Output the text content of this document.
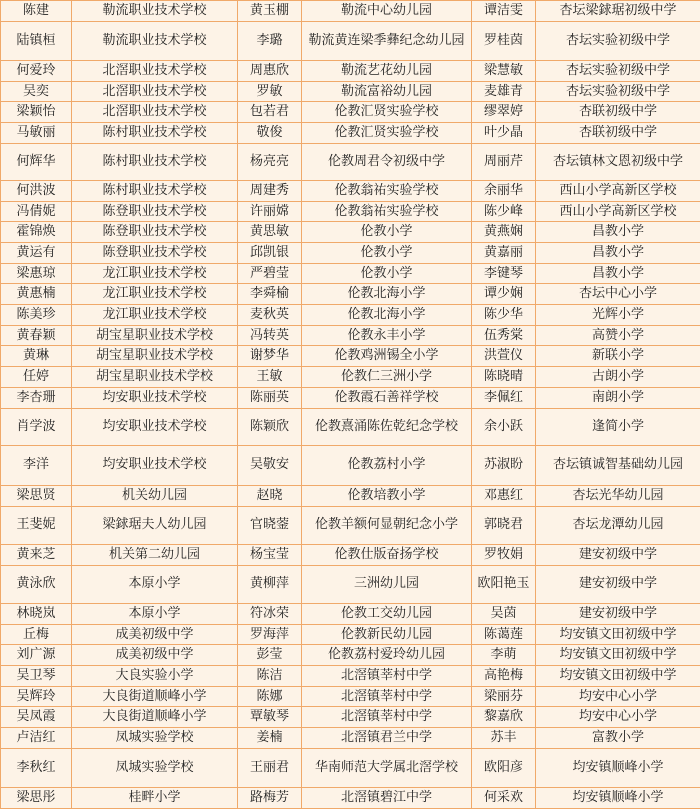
陈建	勒流职业技术学校	黄玉棚	勒流中心幼儿园	谭洁雯	杏坛梁銶琚初级中学
陆镇桓	勒流职业技术学校	李璐	勒流黄连梁季彝纪念幼儿园	罗桂茵	杏坛实验初级中学
何爱玲	北滘职业技术学校	周惠欣	勒流艺花幼儿园	梁慧敏	杏坛实验初级中学
吴奕	北滘职业技术学校	罗敏	勒流富裕幼儿园	麦雄青	杏坛实验初级中学
梁颖怡	北滘职业技术学校	包若君	伦教汇贤实验学校	缪翠婷	杏联初级中学
马敏丽	陈村职业技术学校	敬俊	伦教汇贤实验学校	叶少晶	杏联初级中学
何辉华	陈村职业技术学校	杨亮亮	伦教周君令初级中学	周丽芹	杏坛镇林文恩初级中学
何洪波	陈村职业技术学校	周建秀	伦教翁祐实验学校	余丽华	西山小学高新区学校
冯倩妮	陈登职业技术学校	许丽嫦	伦教翁祐实验学校	陈少峰	西山小学高新区学校
霍锦焕	陈登职业技术学校	黄思敏	伦教小学	黄燕娴	昌教小学
黄运有	陈登职业技术学校	邱凯银	伦教小学	黄嘉丽	昌教小学
梁惠琼	龙江职业技术学校	严碧莹	伦教小学	李键琴	昌教小学
黄惠楠	龙江职业技术学校	李舜榆	伦教北海小学	谭少娴	杏坛中心小学
陈美珍	龙江职业技术学校	麦秋英	伦教北海小学	陈少华	光辉小学
黄春颖	胡宝星职业技术学校	冯转英	伦教永丰小学	伍秀棠	高赞小学
黄琳	胡宝星职业技术学校	谢梦华	伦教鸡洲锡全小学	洪萱仪	新联小学
任婷	胡宝星职业技术学校	王敏	伦教仁三洲小学	陈晓晴	古朗小学
李杏珊	均安职业技术学校	陈丽英	伦教霞石善祥学校	李佩红	南朗小学
肖学波	均安职业技术学校	陈颖欣	伦教熹涌陈佐乾纪念学校	余小跃	逢简小学
李洋	均安职业技术学校	吴敬安	伦教荔村小学	苏淑盼	杏坛镇诚智基础幼儿园
梁思贤	机关幼儿园	赵晓	伦教培教小学	邓惠红	杏坛光华幼儿园
王斐妮	梁銶琚夫人幼儿园	官晓蓥	伦教羊额何显朝纪念小学	郭晓君	杏坛龙潭幼儿园
黄来芝	机关第二幼儿园	杨宝莹	伦教仕版奋扬学校	罗牧娟	建安初级中学
黄泳欣	本原小学	黄柳萍	三洲幼儿园	欧阳艳玉	建安初级中学
林晓岚	本原小学	符冰荣	伦教工交幼儿园	吴茵	建安初级中学
丘梅	成美初级中学	罗海萍	伦教新民幼儿园	陈蔼莲	均安镇文田初级中学
刘广源	成美初级中学	彭莹	伦教荔村爱玲幼儿园	李萌	均安镇文田初级中学
吴卫琴	大良实验小学	陈洁	北滘镇莘村中学	高艳梅	均安镇文田初级中学
吴辉玲	大良街道顺峰小学	陈娜	北滘镇莘村中学	梁丽芬	均安中心小学
吴凤霞	大良街道顺峰小学	覃敏琴	北滘镇莘村中学	黎嘉欣	均安中心小学
卢洁红	凤城实验学校	姜楠	北滘镇君兰中学	苏丰	富教小学
李秋红	凤城实验学校	王丽君	华南师范大学属北滘学校	欧阳彦	均安镇顺峰小学
梁思彤	桂畔小学	路梅芳	北滘镇碧江中学	何采欢	均安镇顺峰小学
